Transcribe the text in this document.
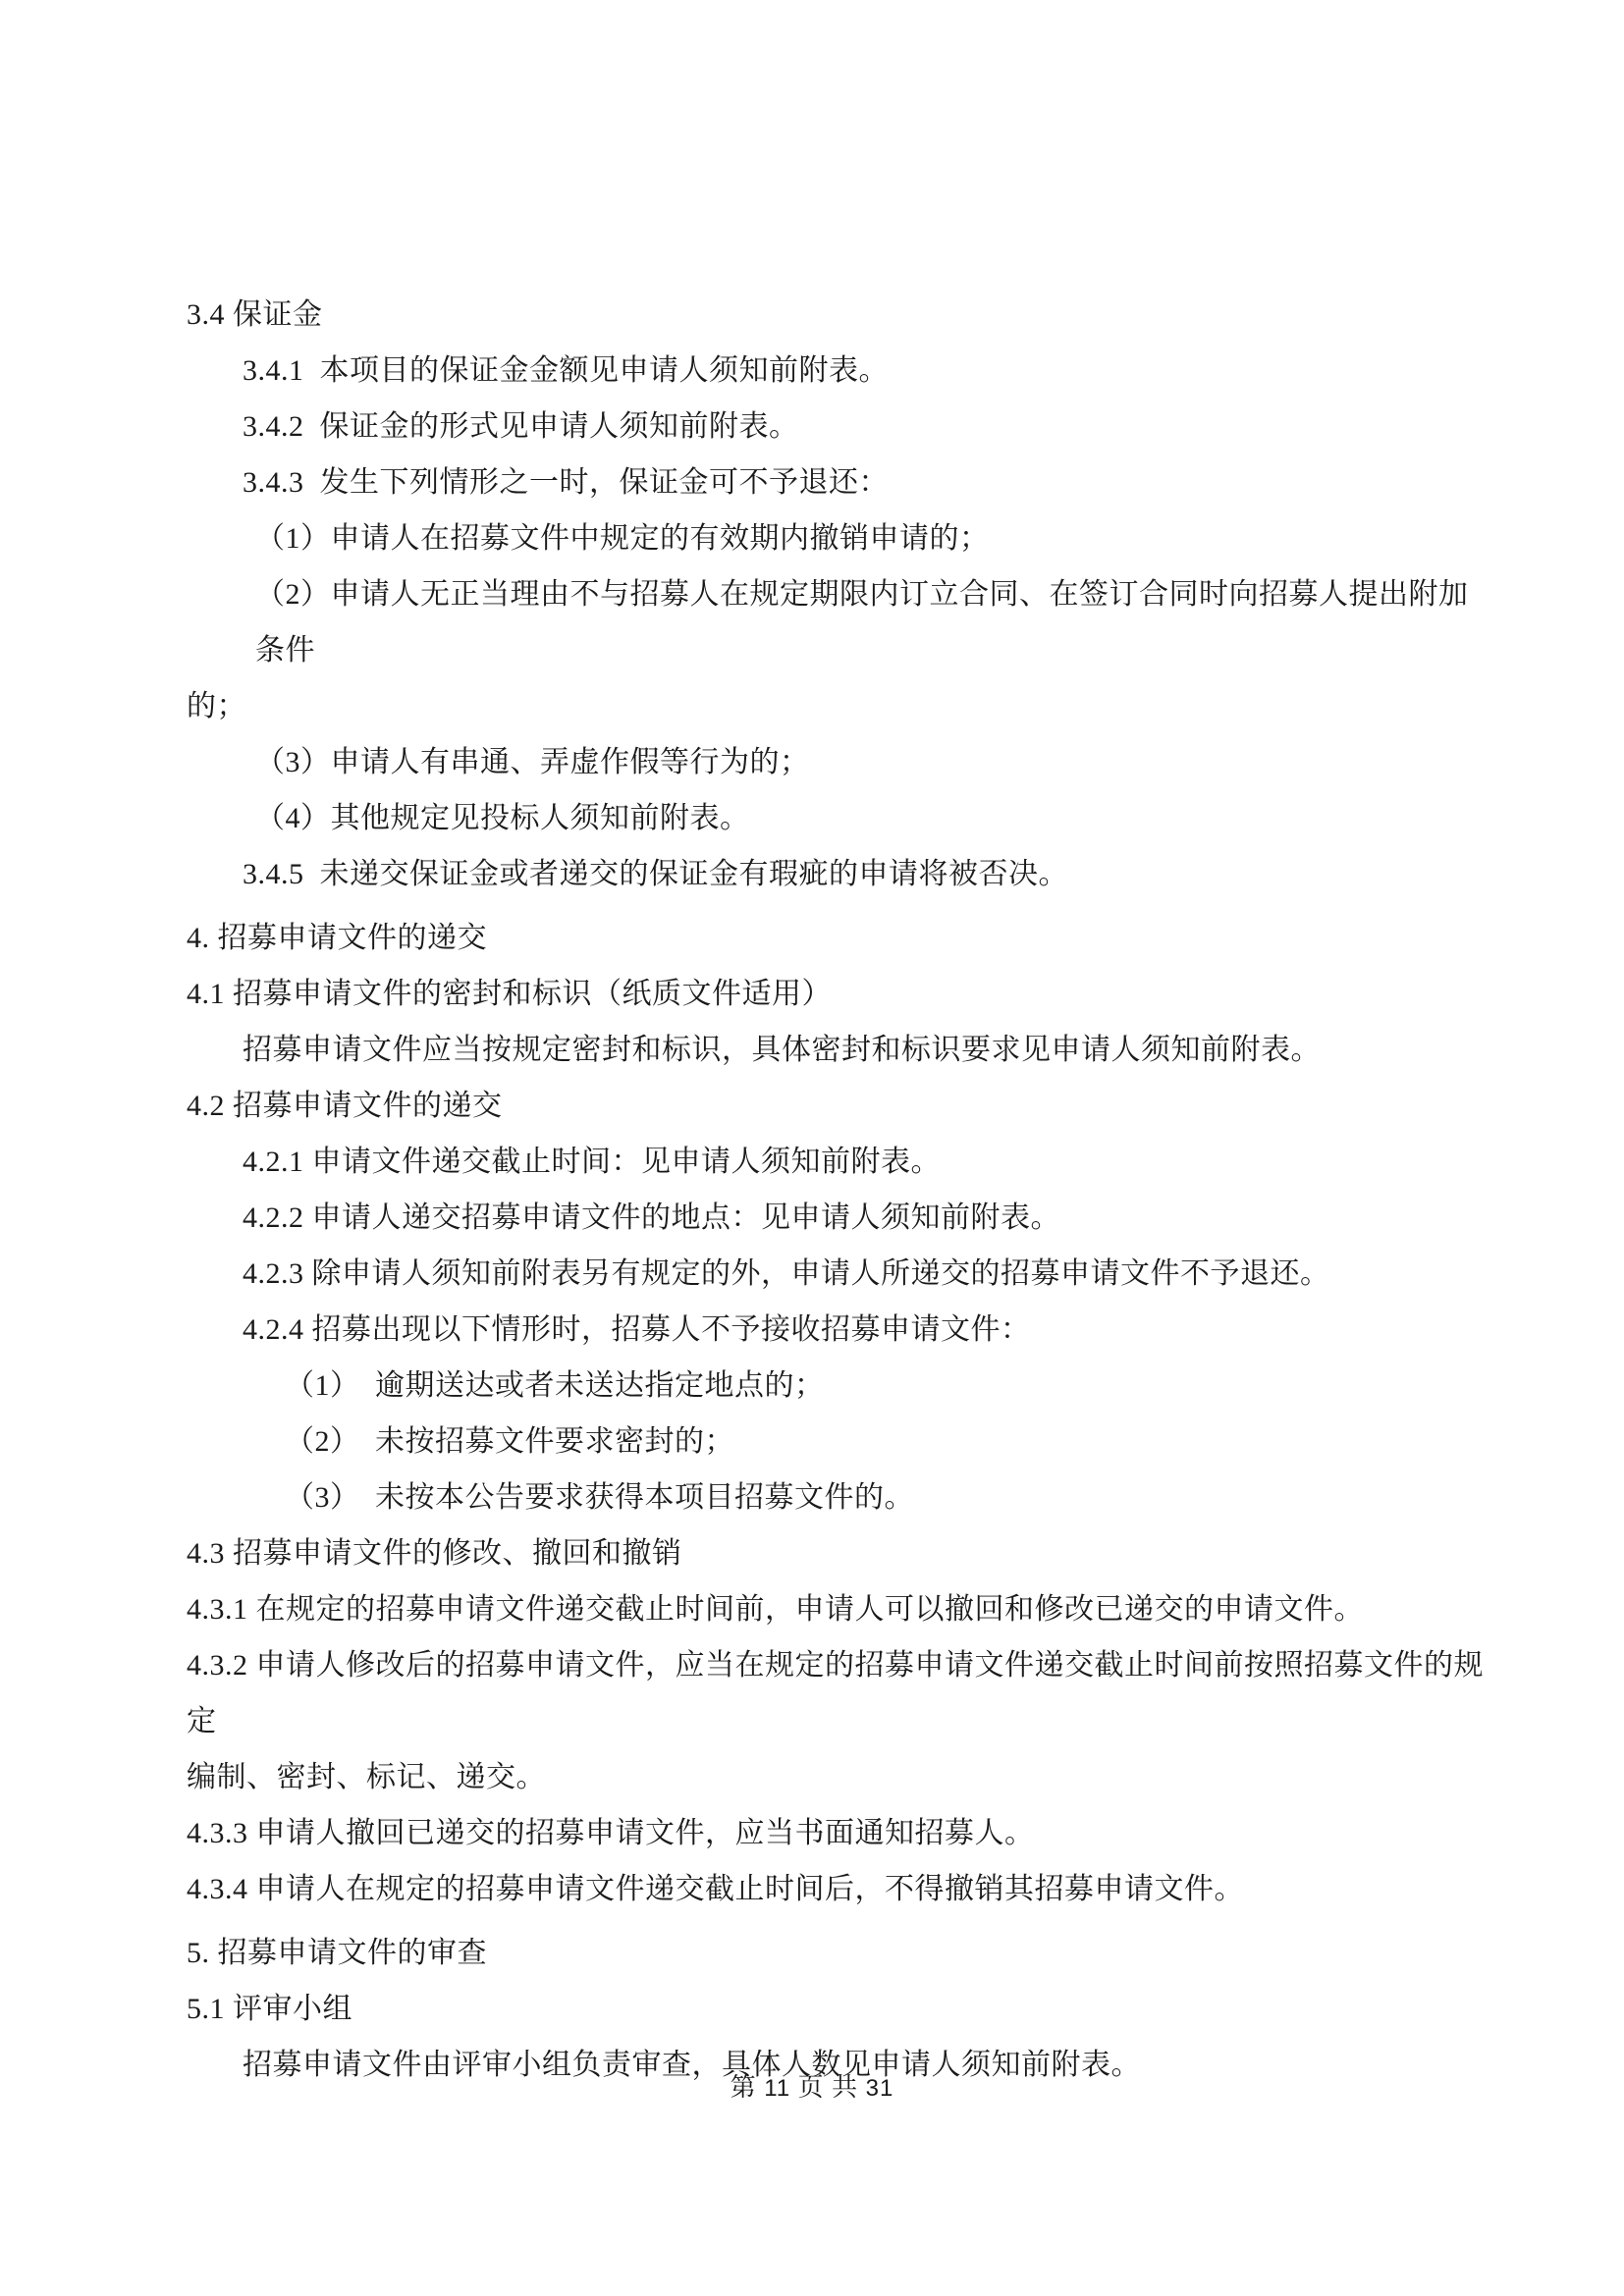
3.4 保证金
3.4.1  本项目的保证金金额见申请人须知前附表。
3.4.2  保证金的形式见申请人须知前附表。
3.4.3  发生下列情形之一时，保证金可不予退还：
（1）申请人在招募文件中规定的有效期内撤销申请的；
（2）申请人无正当理由不与招募人在规定期限内订立合同、在签订合同时向招募人提出附加条件
的；
（3）申请人有串通、弄虚作假等行为的；
（4）其他规定见投标人须知前附表。
3.4.5  未递交保证金或者递交的保证金有瑕疵的申请将被否决。
4. 招募申请文件的递交
4.1 招募申请文件的密封和标识（纸质文件适用）
招募申请文件应当按规定密封和标识，具体密封和标识要求见申请人须知前附表。
4.2 招募申请文件的递交
4.2.1 申请文件递交截止时间：见申请人须知前附表。
4.2.2 申请人递交招募申请文件的地点：见申请人须知前附表。
4.2.3 除申请人须知前附表另有规定的外，申请人所递交的招募申请文件不予退还。
4.2.4 招募出现以下情形时，招募人不予接收招募申请文件：
（1）　逾期送达或者未送达指定地点的；
（2）　未按招募文件要求密封的；
（3）　未按本公告要求获得本项目招募文件的。
4.3 招募申请文件的修改、撤回和撤销
4.3.1 在规定的招募申请文件递交截止时间前，申请人可以撤回和修改已递交的申请文件。
4.3.2 申请人修改后的招募申请文件，应当在规定的招募申请文件递交截止时间前按照招募文件的规定
编制、密封、标记、递交。
4.3.3 申请人撤回已递交的招募申请文件，应当书面通知招募人。
4.3.4 申请人在规定的招募申请文件递交截止时间后，不得撤销其招募申请文件。
5. 招募申请文件的审查
5.1 评审小组
招募申请文件由评审小组负责审查，具体人数见申请人须知前附表。
第 11 页 共 31
